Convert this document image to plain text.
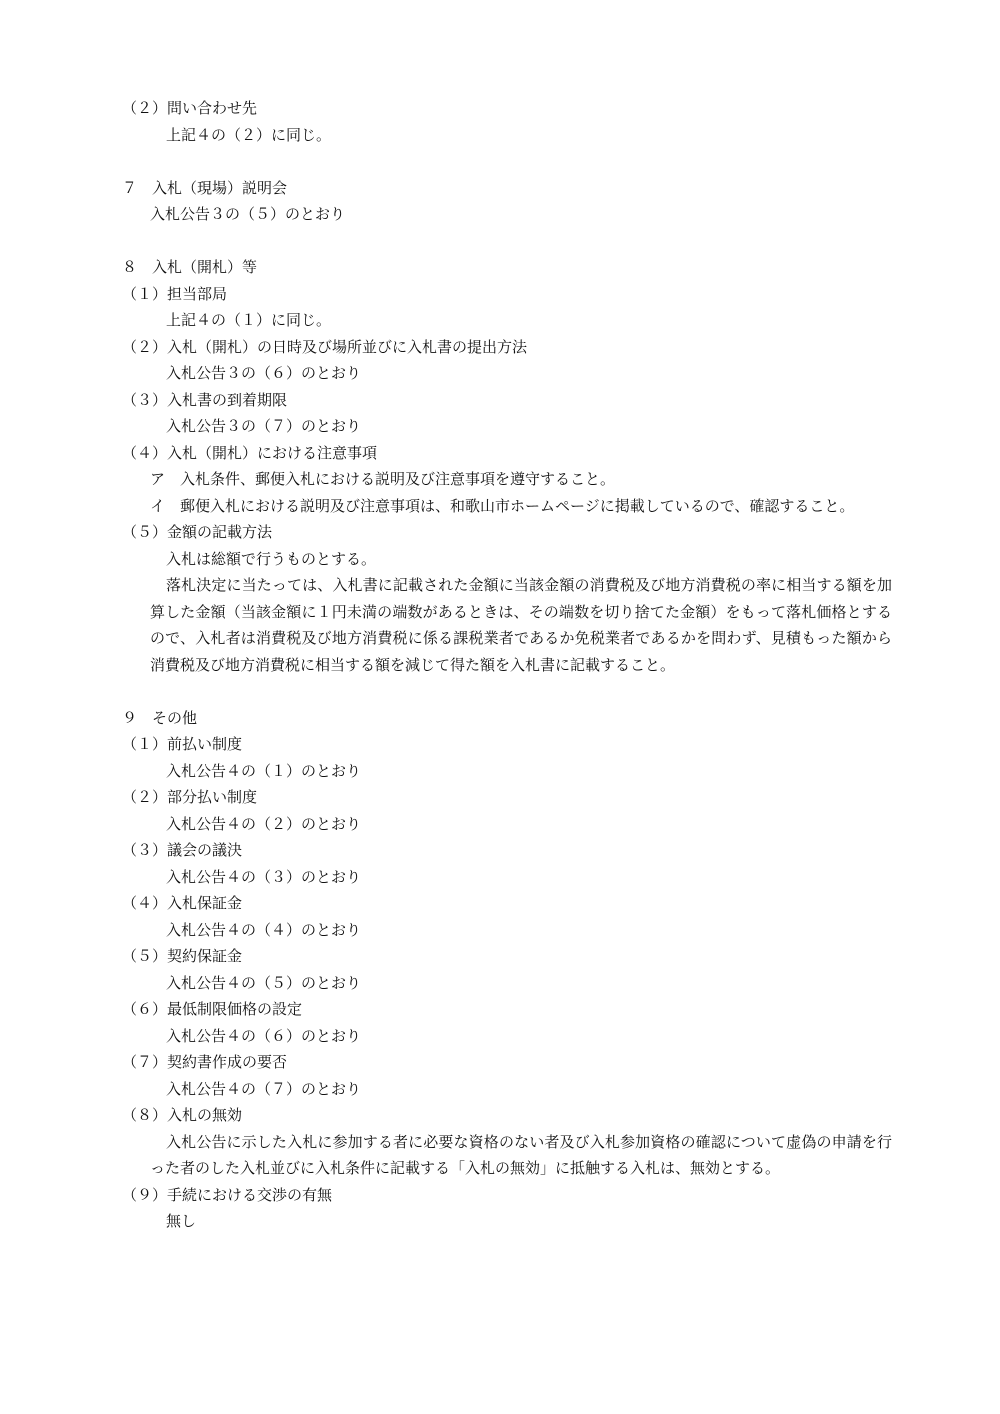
（２）問い合わせ先
上記４の（２）に同じ。
７　入札（現場）説明会
入札公告３の（５）のとおり
８　入札（開札）等
（１）担当部局
上記４の（１）に同じ。
（２）入札（開札）の日時及び場所並びに入札書の提出方法
入札公告３の（６）のとおり
（３）入札書の到着期限
入札公告３の（７）のとおり
（４）入札（開札）における注意事項
ア　入札条件、郵便入札における説明及び注意事項を遵守すること。
イ　郵便入札における説明及び注意事項は、和歌山市ホームページに掲載しているので、確認すること。
（５）金額の記載方法
入札は総額で行うものとする。
落札決定に当たっては、入札書に記載された金額に当該金額の消費税及び地方消費税の率に相当する額を加算した金額（当該金額に１円未満の端数があるときは、その端数を切り捨てた金額）をもって落札価格とするので、入札者は消費税及び地方消費税に係る課税業者であるか免税業者であるかを問わず、見積もった額から消費税及び地方消費税に相当する額を減じて得た額を入札書に記載すること。
９　その他
（１）前払い制度
入札公告４の（１）のとおり
（２）部分払い制度
入札公告４の（２）のとおり
（３）議会の議決
入札公告４の（３）のとおり
（４）入札保証金
入札公告４の（４）のとおり
（５）契約保証金
入札公告４の（５）のとおり
（６）最低制限価格の設定
入札公告４の（６）のとおり
（７）契約書作成の要否
入札公告４の（７）のとおり
（８）入札の無効
入札公告に示した入札に参加する者に必要な資格のない者及び入札参加資格の確認について虚偽の申請を行った者のした入札並びに入札条件に記載する「入札の無効」に抵触する入札は、無効とする。
（９）手続における交渉の有無
無し
